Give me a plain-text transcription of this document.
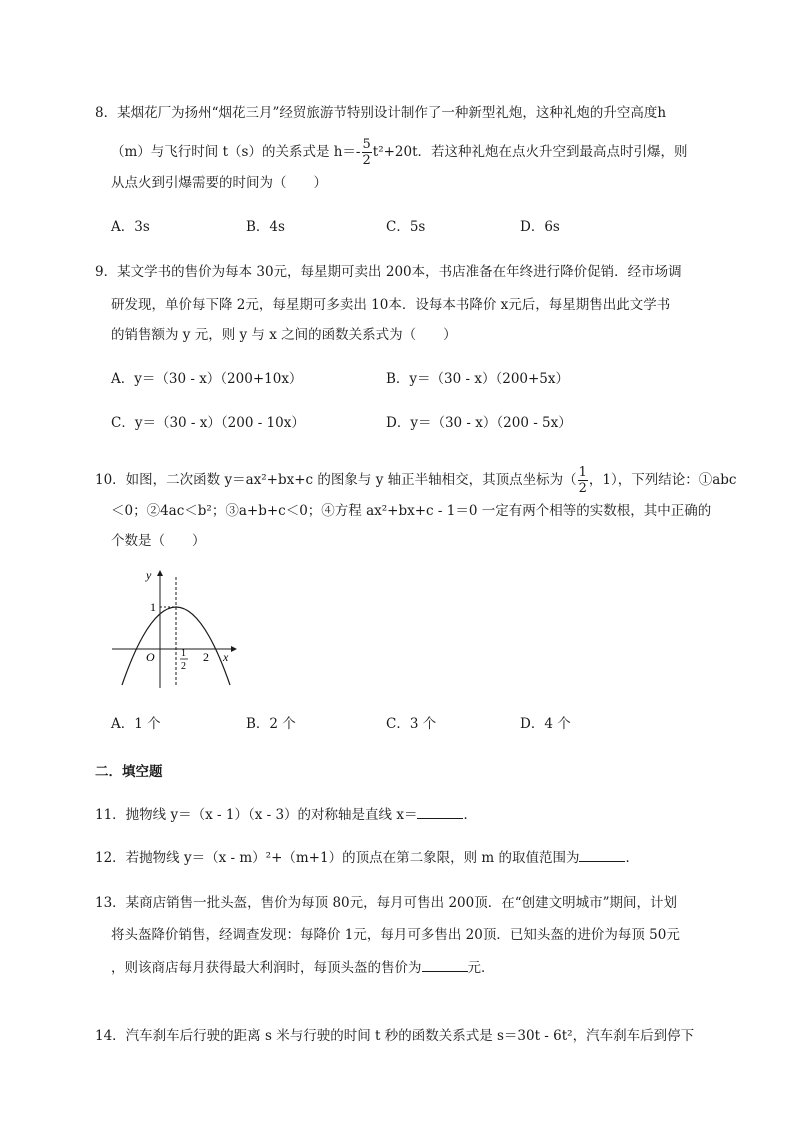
8．某烟花厂为扬州“烟花三月”经贸旅游节特别设计制作了一种新型礼炮，这种礼炮的升空高度h
（m）与飞行时间 t（s）的关系式是 $h=- \frac{5}{2} t^2+20t$．若这种礼炮在点火升空到最高点时引爆，则
从点火到引爆需要的时间为（　　）
A．3s	B．4s	C．5s	D．6s
9．某文学书的售价为每本 30元，每星期可卖出 200本，书店准备在年终进行降价促销．经市场调
研发现，单价每下降 2元，每星期可多卖出 10本．设每本书降价 x元后，每星期售出此文学书
的销售额为 y 元，则 y 与 x 之间的函数关系式为（　　）
A．y＝（30 - x）（200+10x）	B．y＝（30 - x）（200+5x）
C．y＝（30 - x）（200 - 10x）	D．y＝（30 - x）（200 - 5x）
10．如图，二次函数 y＝ax²+bx+c 的图象与 y 轴正半轴相交，其顶点坐标为（ $\frac{1}{2}$ ，1），下列结论：①abc
＜0；②4ac＜b²；③a+b+c＜0；④方程 ax²+bx+c - 1＝0 一定有两个相等的实数根，其中正确的
个数是（　　）
y
x
O
1
1
2
2
A．1 个	B．2 个	C．3 个	D．4 个
二．填空题
11．抛物线 y＝（x - 1）（x - 3）的对称轴是直线 x＝	．
12．若抛物线 y＝（x - m）²+（m+1）的顶点在第二象限，则 m 的取值范围为	．
13．某商店销售一批头盔，售价为每顶 80元，每月可售出 200顶．在“创建文明城市”期间，计划
将头盔降价销售，经调查发现：每降价 1元，每月可多售出 20顶．已知头盔的进价为每顶 50元
，则该商店每月获得最大利润时，每顶头盔的售价为	元．
14．汽车刹车后行驶的距离 s 米与行驶的时间 t 秒的函数关系式是 s＝30t - 6t²，汽车刹车后到停下
